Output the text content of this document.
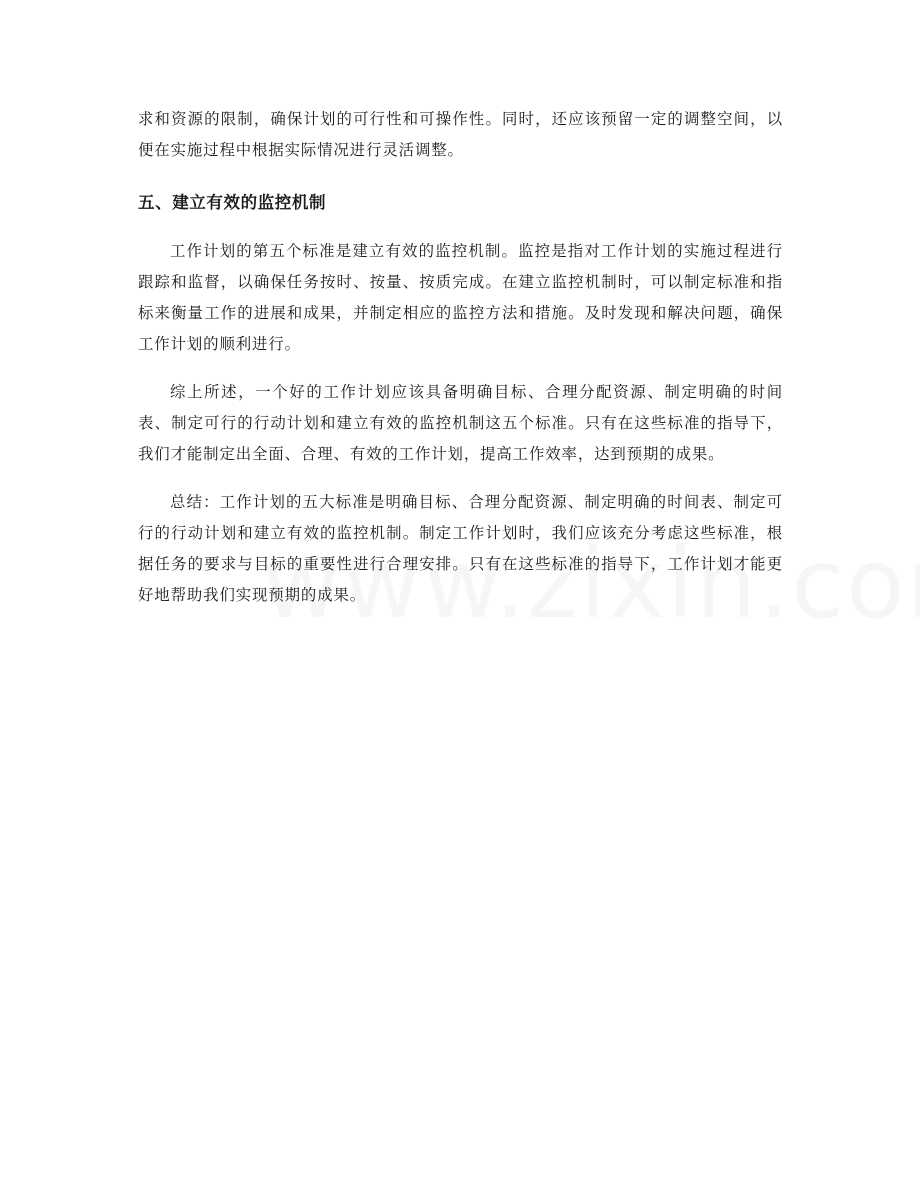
求和资源的限制，确保计划的可行性和可操作性。同时，还应该预留一定的调整空间，以便在实施过程中根据实际情况进行灵活调整。

五、建立有效的监控机制

工作计划的第五个标准是建立有效的监控机制。监控是指对工作计划的实施过程进行跟踪和监督，以确保任务按时、按量、按质完成。在建立监控机制时，可以制定标准和指标来衡量工作的进展和成果，并制定相应的监控方法和措施。及时发现和解决问题，确保工作计划的顺利进行。

综上所述，一个好的工作计划应该具备明确目标、合理分配资源、制定明确的时间表、制定可行的行动计划和建立有效的监控机制这五个标准。只有在这些标准的指导下，我们才能制定出全面、合理、有效的工作计划，提高工作效率，达到预期的成果。

总结：工作计划的五大标准是明确目标、合理分配资源、制定明确的时间表、制定可行的行动计划和建立有效的监控机制。制定工作计划时，我们应该充分考虑这些标准，根据任务的要求与目标的重要性进行合理安排。只有在这些标准的指导下，工作计划才能更好地帮助我们实现预期的成果。
